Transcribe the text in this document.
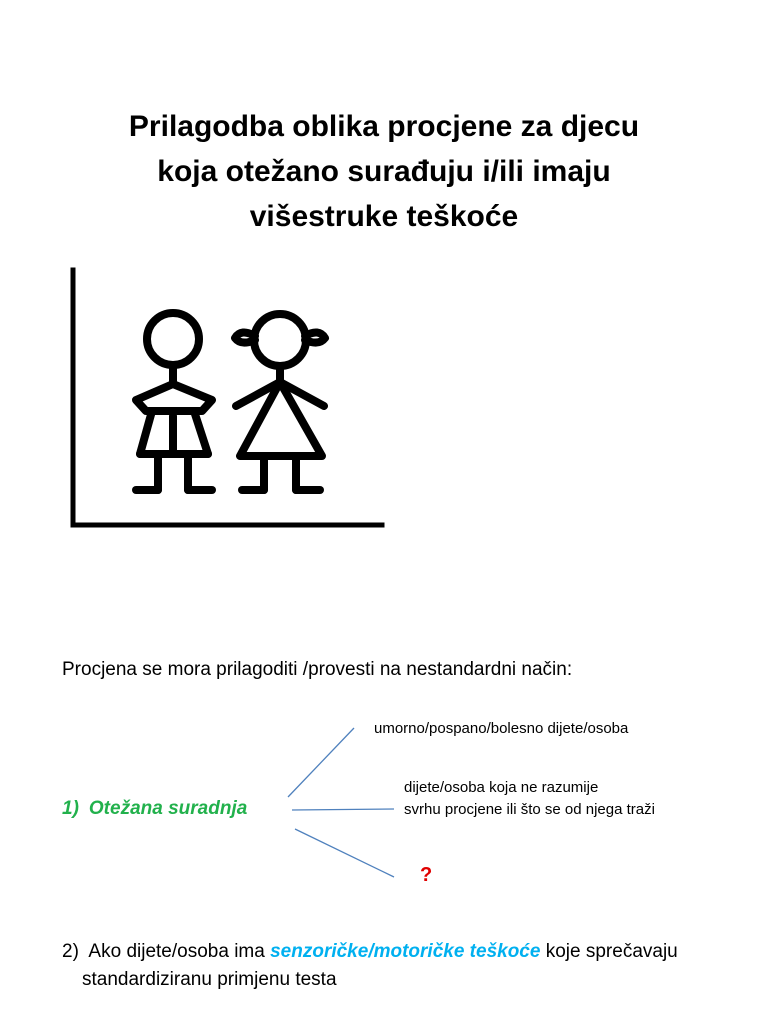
Prilagodba oblika procjene za djecu
koja otežano surađuju i/ili imaju
višestruke teškoće
Procjena se mora prilagoditi /provesti na nestandardni način:
1) Otežana suradnja
umorno/pospano/bolesno dijete/osoba
dijete/osoba koja ne razumije
svrhu procjene ili što se od njega traži
?
2) Ako dijete/osoba ima senzoričke/motoričke teškoće koje sprečavaju
standardiziranu primjenu testa
